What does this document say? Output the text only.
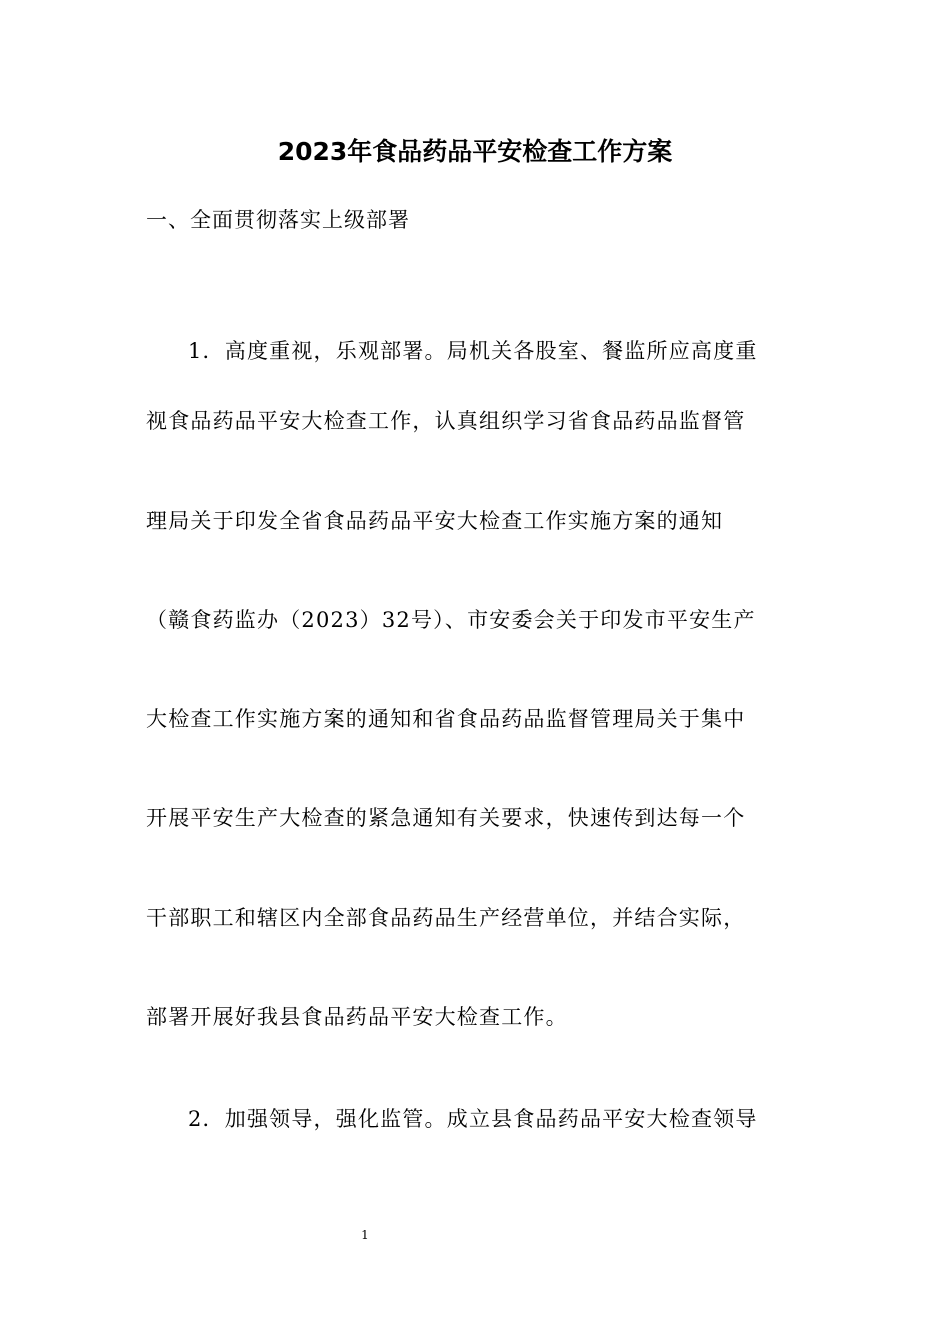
2023年食品药品平安检查工作方案
一、全面贯彻落实上级部署
1．高度重视，乐观部署。局机关各股室、餐监所应高度重
视食品药品平安大检查工作，认真组织学习省食品药品监督管
理局关于印发全省食品药品平安大检查工作实施方案的通知
（赣食药监办（2023）32号）、市安委会关于印发市平安生产
大检查工作实施方案的通知和省食品药品监督管理局关于集中
开展平安生产大检查的紧急通知有关要求，快速传到达每一个
干部职工和辖区内全部食品药品生产经营单位，并结合实际，
部署开展好我县食品药品平安大检查工作。
2．加强领导，强化监管。成立县食品药品平安大检查领导
1
